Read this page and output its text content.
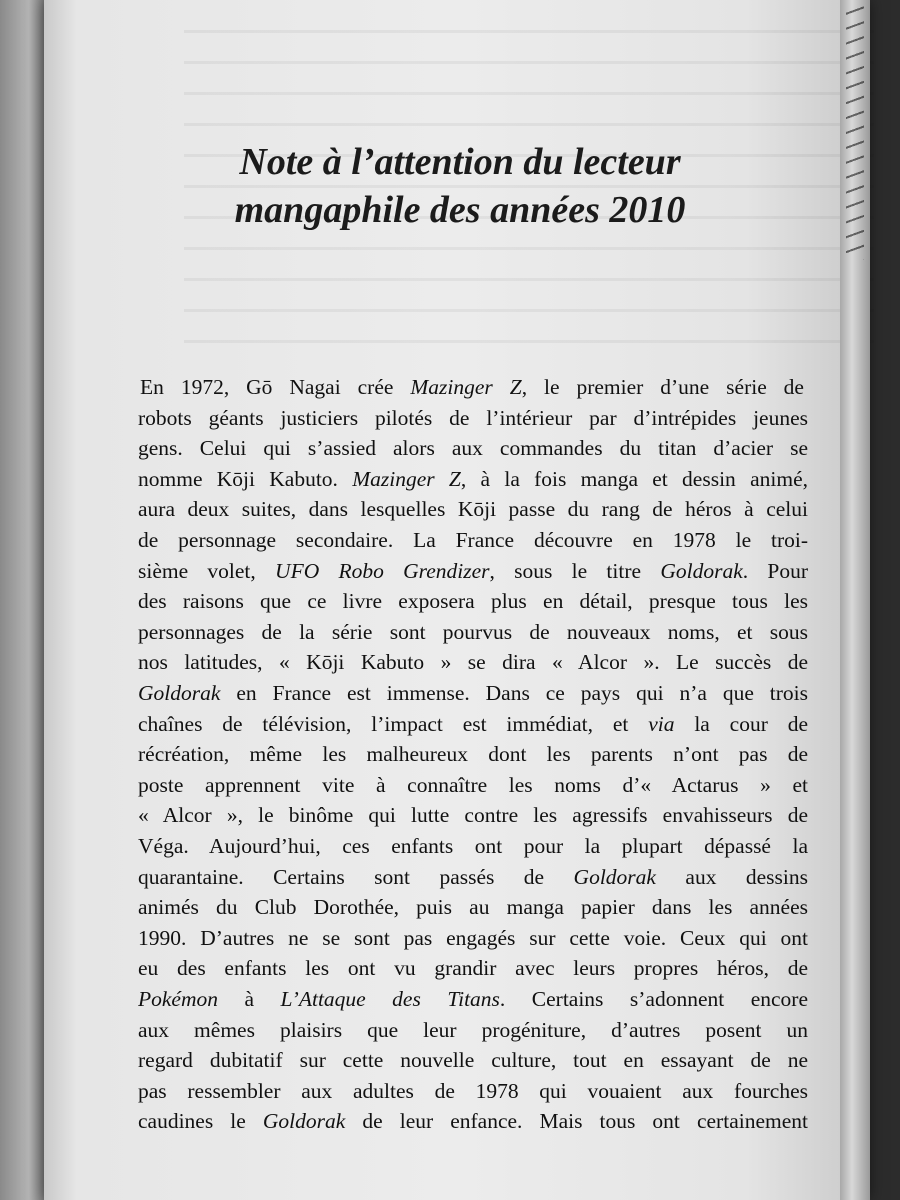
Note à l’attention du lecteur
mangaphile des années 2010

En 1972, Gō Nagai crée Mazinger Z, le premier d’une série de

robots géants justiciers pilotés de l’intérieur par d’intrépides jeunes

gens. Celui qui s’assied alors aux commandes du titan d’acier se

nomme Kōji Kabuto. Mazinger Z, à la fois manga et dessin animé,

aura deux suites, dans lesquelles Kōji passe du rang de héros à celui

de personnage secondaire. La France découvre en 1978 le troi-

sième volet, UFO Robo Grendizer, sous le titre Goldorak. Pour

des raisons que ce livre exposera plus en détail, presque tous les

personnages de la série sont pourvus de nouveaux noms, et sous

nos latitudes, « Kōji Kabuto » se dira « Alcor ». Le succès de

Goldorak en France est immense. Dans ce pays qui n’a que trois

chaînes de télévision, l’impact est immédiat, et via la cour de

récréation, même les malheureux dont les parents n’ont pas de

poste apprennent vite à connaître les noms d’« Actarus » et

« Alcor », le binôme qui lutte contre les agressifs envahisseurs de

Véga. Aujourd’hui, ces enfants ont pour la plupart dépassé la

quarantaine. Certains sont passés de Goldorak aux dessins

animés du Club Dorothée, puis au manga papier dans les années

1990. D’autres ne se sont pas engagés sur cette voie. Ceux qui ont

eu des enfants les ont vu grandir avec leurs propres héros, de

Pokémon à L’Attaque des Titans. Certains s’adonnent encore

aux mêmes plaisirs que leur progéniture, d’autres posent un

regard dubitatif sur cette nouvelle culture, tout en essayant de ne

pas ressembler aux adultes de 1978 qui vouaient aux fourches

caudines le Goldorak de leur enfance. Mais tous ont certainement
